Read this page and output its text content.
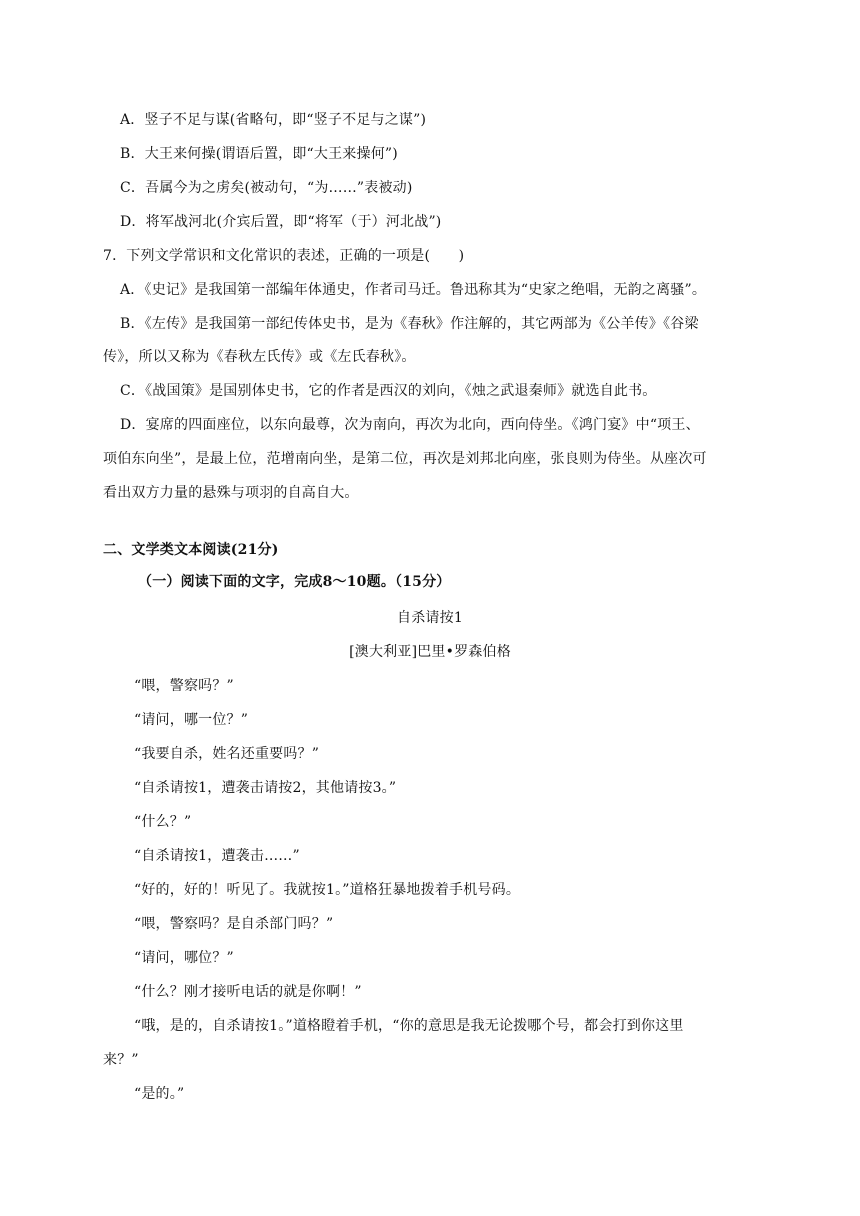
A．竖子不足与谋(省略句，即“竖子不足与之谋”)
B．大王来何操(谓语后置，即“大王来操何”)
C．吾属今为之虏矣(被动句，“为……”表被动)
D．将军战河北(介宾后置，即“将军（于）河北战”)
7．下列文学常识和文化常识的表述，正确的一项是(　　)
A．《史记》是我国第一部编年体通史，作者司马迁。鲁迅称其为“史家之绝唱，无韵之离骚”。
B．《左传》是我国第一部纪传体史书，是为《春秋》作注解的，其它两部为《公羊传》《谷梁
传》，所以又称为《春秋左氏传》或《左氏春秋》。
C．《战国策》是国别体史书，它的作者是西汉的刘向，《烛之武退秦师》就选自此书。
D．宴席的四面座位，以东向最尊，次为南向，再次为北向，西向侍坐。《鸿门宴》中“项王、
项伯东向坐”，是最上位，范增南向坐，是第二位，再次是刘邦北向座，张良则为侍坐。从座次可
看出双方力量的悬殊与项羽的自高自大。
二、文学类文本阅读(21分)
（一）阅读下面的文字，完成8～10题。（15分）
自杀请按1
[澳大利亚]巴里•罗森伯格
“喂，警察吗？”
“请问，哪一位？”
“我要自杀，姓名还重要吗？”
“自杀请按1，遭袭击请按2，其他请按3。”
“什么？”
“自杀请按1，遭袭击……”
“好的，好的！听见了。我就按1。”道格狂暴地拨着手机号码。
“喂，警察吗？是自杀部门吗？”
“请问，哪位？”
“什么？刚才接听电话的就是你啊！”
“哦，是的，自杀请按1。”道格瞪着手机，“你的意思是我无论拨哪个号，都会打到你这里
来？”
“是的。”
